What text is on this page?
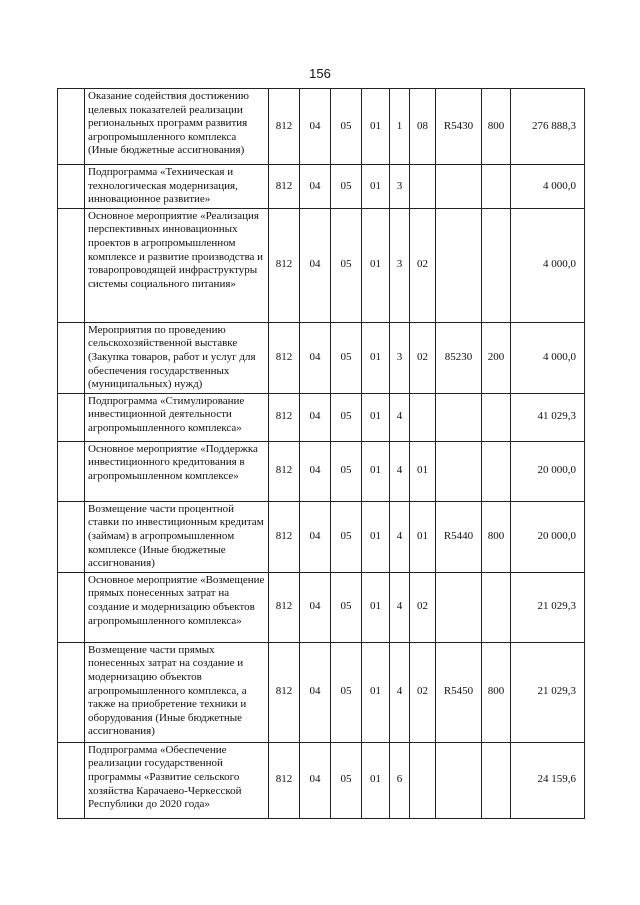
156
	Оказание содействия достижению целевых показателей реализации региональных программ развития агропромышленного комплекса (Иные бюджетные ассигнования)	812	04	05	01	1	08	R5430	800	276 888,3
	Подпрограмма «Техническая и технологическая модернизация, инновационное развитие»	812	04	05	01	3				4 000,0
	Основное мероприятие «Реализация перспективных инновационных проектов в агропромышленном комплексе и развитие производства и товаропроводящей инфраструктуры системы социального питания»	812	04	05	01	3	02			4 000,0
	Мероприятия по проведению сельскохозяйственной выставке (Закупка товаров, работ и услуг для обеспечения государственных (муниципальных) нужд)	812	04	05	01	3	02	85230	200	4 000,0
	Подпрограмма «Стимулирование инвестиционной деятельности агропромышленного комплекса»	812	04	05	01	4				41 029,3
	Основное мероприятие «Поддержка инвестиционного кредитования в агропромышленном комплексе»	812	04	05	01	4	01			20 000,0
	Возмещение части процентной ставки по инвестиционным кредитам (займам) в агропромышленном комплексе (Иные бюджетные ассигнования)	812	04	05	01	4	01	R5440	800	20 000,0
	Основное мероприятие «Возмещение прямых понесенных затрат на создание и модернизацию объектов агропромышленного комплекса»	812	04	05	01	4	02			21 029,3
	Возмещение части прямых понесенных затрат на создание и модернизацию объектов агропромышленного комплекса, а также на приобретение техники и оборудования (Иные бюджетные ассигнования)	812	04	05	01	4	02	R5450	800	21 029,3
	Подпрограмма «Обеспечение реализации государственной программы «Развитие сельского хозяйства Карачаево-Черкесской Республики до 2020 года»	812	04	05	01	6				24 159,6
